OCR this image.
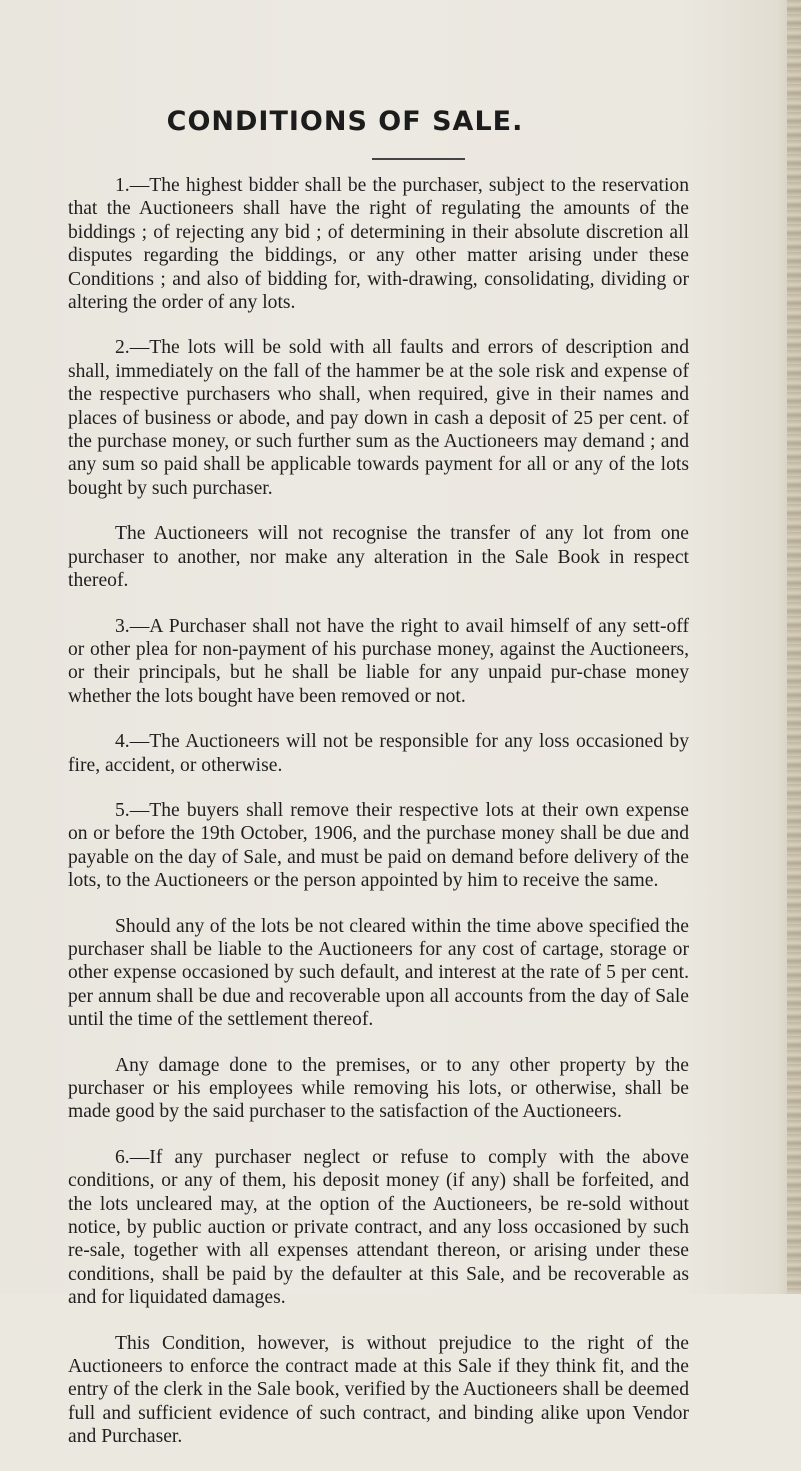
CONDITIONS OF SALE.

1.—The highest bidder shall be the purchaser, subject to the reservation that the Auctioneers shall have the right of regulating the amounts of the biddings ; of rejecting any bid ; of determining in their absolute discretion all disputes regarding the biddings, or any other matter arising under these Conditions ; and also of bidding for, with-drawing, consolidating, dividing or altering the order of any lots.

2.—The lots will be sold with all faults and errors of description and shall, immediately on the fall of the hammer be at the sole risk and expense of the respective purchasers who shall, when required, give in their names and places of business or abode, and pay down in cash a deposit of 25 per cent. of the purchase money, or such further sum as the Auctioneers may demand ; and any sum so paid shall be applicable towards payment for all or any of the lots bought by such purchaser.

The Auctioneers will not recognise the transfer of any lot from one purchaser to another, nor make any alteration in the Sale Book in respect thereof.

3.—A Purchaser shall not have the right to avail himself of any sett-off or other plea for non-payment of his purchase money, against the Auctioneers, or their principals, but he shall be liable for any unpaid pur-chase money whether the lots bought have been removed or not.

4.—The Auctioneers will not be responsible for any loss occasioned by fire, accident, or otherwise.

5.—The buyers shall remove their respective lots at their own expense on or before the 19th October, 1906, and the purchase money shall be due and payable on the day of Sale, and must be paid on demand before delivery of the lots, to the Auctioneers or the person appointed by him to receive the same.

Should any of the lots be not cleared within the time above specified the purchaser shall be liable to the Auctioneers for any cost of cartage, storage or other expense occasioned by such default, and interest at the rate of 5 per cent. per annum shall be due and recoverable upon all accounts from the day of Sale until the time of the settlement thereof.

Any damage done to the premises, or to any other property by the purchaser or his employees while removing his lots, or otherwise, shall be made good by the said purchaser to the satisfaction of the Auctioneers.

6.—If any purchaser neglect or refuse to comply with the above conditions, or any of them, his deposit money (if any) shall be forfeited, and the lots uncleared may, at the option of the Auctioneers, be re-sold without notice, by public auction or private contract, and any loss occasioned by such re-sale, together with all expenses attendant thereon, or arising under these conditions, shall be paid by the defaulter at this Sale, and be recoverable as and for liquidated damages.

This Condition, however, is without prejudice to the right of the Auctioneers to enforce the contract made at this Sale if they think fit, and the entry of the clerk in the Sale book, verified by the Auctioneers shall be deemed full and sufficient evidence of such contract, and binding alike upon Vendor and Purchaser.
